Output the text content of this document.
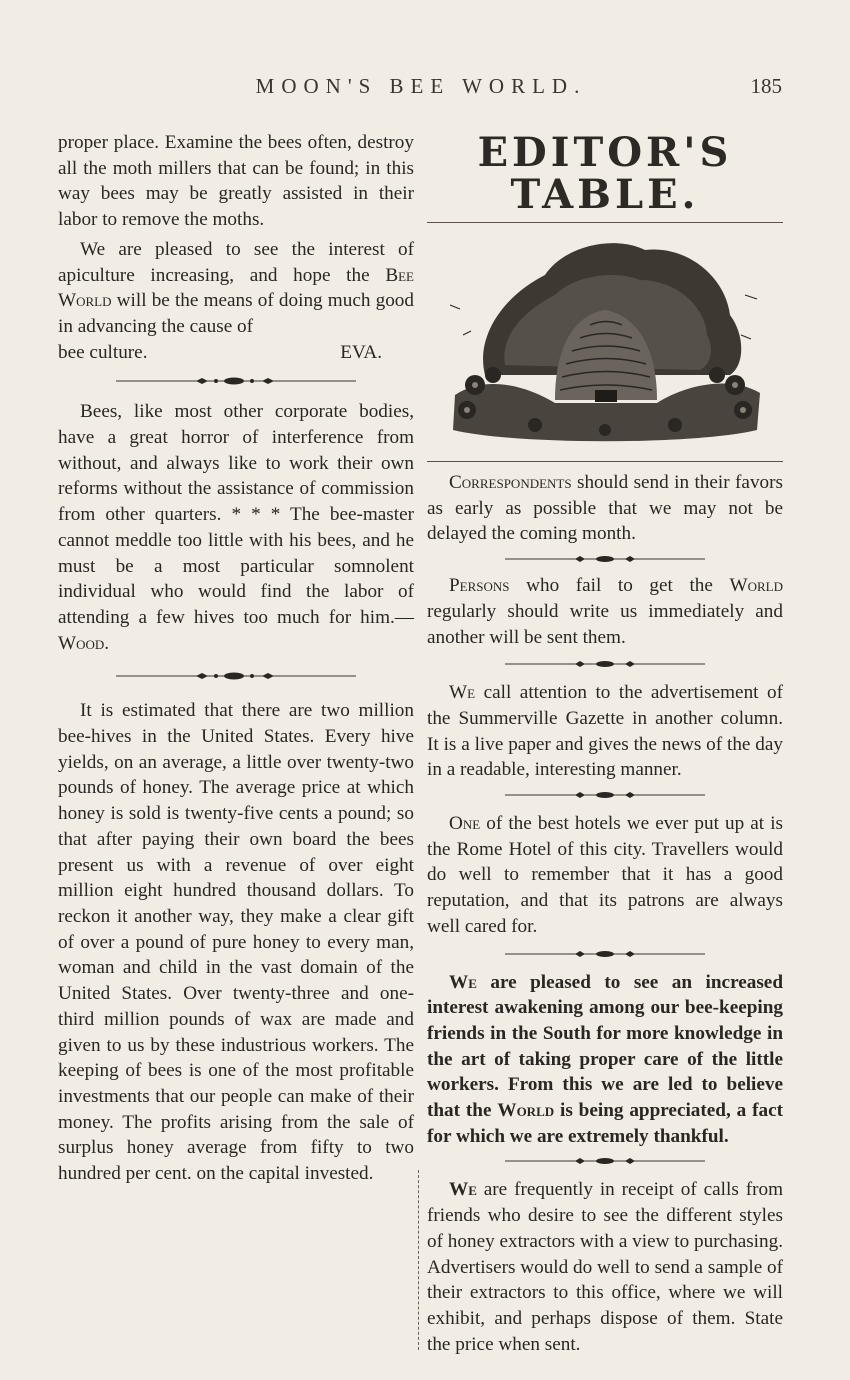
MOON'S BEE WORLD.	185

proper place. Examine the bees often, destroy all the moth millers that can be found; in this way bees may be greatly assisted in their labor to remove the moths.

We are pleased to see the interest of apiculture increasing, and hope the Bee World will be the means of doing much good in advancing the cause of

bee culture.	EVA.

Bees, like most other corporate bodies, have a great horror of interference from without, and always like to work their own reforms without the assistance of commission from other quarters. * * * The bee-master cannot meddle too little with his bees, and he must be a most particular somnolent individual who would find the labor of attending a few hives too much for him.—Wood.

It is estimated that there are two million bee-hives in the United States. Every hive yields, on an average, a little over twenty-two pounds of honey. The average price at which honey is sold is twenty-five cents a pound; so that after paying their own board the bees present us with a revenue of over eight million eight hundred thousand dollars. To reckon it another way, they make a clear gift of over a pound of pure honey to every man, woman and child in the vast domain of the United States. Over twenty-three and one-third million pounds of wax are made and given to us by these industrious workers. The keeping of bees is one of the most profitable investments that our people can make of their money. The profits arising from the sale of surplus honey average from fifty to two hundred per cent. on the capital invested.

EDITOR'S TABLE.

Correspondents should send in their favors as early as possible that we may not be delayed the coming month.

Persons who fail to get the World regularly should write us immediately and another will be sent them.

We call attention to the advertisement of the Summerville Gazette in another column. It is a live paper and gives the news of the day in a readable, interesting manner.

One of the best hotels we ever put up at is the Rome Hotel of this city. Travellers would do well to remember that it has a good reputation, and that its patrons are always well cared for.

We are pleased to see an increased interest awakening among our bee-keeping friends in the South for more knowledge in the art of taking proper care of the little workers. From this we are led to believe that the World is being appreciated, a fact for which we are extremely thankful.

We are frequently in receipt of calls from friends who desire to see the different styles of honey extractors with a view to purchasing. Advertisers would do well to send a sample of their extractors to this office, where we will exhibit, and perhaps dispose of them. State the price when sent.
